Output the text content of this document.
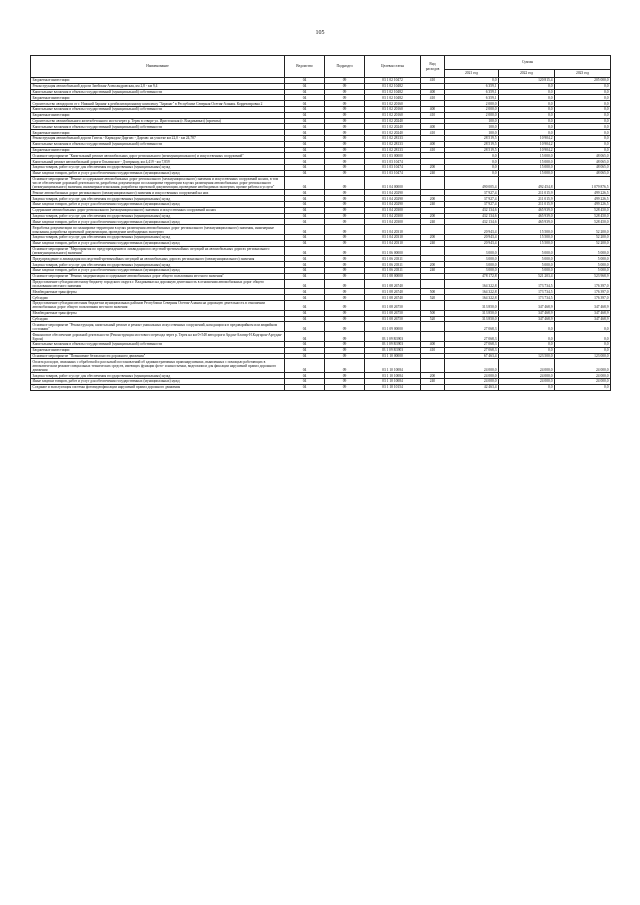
105
Наименование	Ведомство	Подраздел	Целевая статья	Вид расходов	Суммы		
					2021 год	2022 год	2023 год
Бюджетные инвестиции	04	09	03 1 02 10472	410	0,0	120 815,4	205 000,0
Реконструкция автомобильной дороги Змейская-Александровская, км 2,8 - км 9,4	04	09	03 1 02 10482		6 359,1	0,0	0,0
Капитальные вложения в объекты государственной (муниципальной) собственности	04	09	03 1 02 10482	400	6 359,1	0,0	0,0
Бюджетные инвестиции	04	09	03 1 02 10482	410	6 359,1	0,0	0,0
Строительство автодороги от г. Нижний Зарамаг к реабилитационному комплексу "Зарамаг" в Республике Северная Осетия-Алания. Корректировка 2	04	09	03 1 02 20160		2 000,0	0,0	0,0
Капитальные вложения в объекты государственной (муниципальной) собственности	04	09	03 1 02 20160	400	2 000,0	0,0	0,0
Бюджетные инвестиции	04	09	03 1 02 20160	410	2 000,0	0,0	0,0
Строительство автомобильного железобетонного моста через р. Терек в створе ул. Иристонская (г. Владикавказ) (проекты)	04	09	03 1 02 20240		100,0	0,0	0,0
Капитальные вложения в объекты государственной (муниципальной) собственности	04	09	03 1 02 20240	400	100,0	0,0	0,0
Бюджетные инвестиции	04	09	03 1 02 20240	410	100,0	0,0	0,0
Реконструкция автомобильной дороги Гизель - Кармадон-Даргавс - Даргавс на участке км 22,0 - км 24,787	04	09	03 1 02 28133		28 519,5	10 904,2	0,0
Капитальные вложения в объекты государственной (муниципальной) собственности	04	09	03 1 02 28133	400	28 519,5	10 904,2	0,0
Бюджетные инвестиции	04	09	03 1 02 28133	410	28 519,5	10 904,2	0,0
Основное мероприятие "Капитальный ремонт автомобильных дорог регионального (межмуниципального) и искусственных сооружений"	04	09	03 1 03 00000		0,0	15 000,0	48 065,0
Капитальный ремонт автомобильной дороги Ольгинское - Дзитрыкау, км 4,419 - км 7,859	04	09	03 1 03 10474		0,0	15 000,0	48 065,0
Закупка товаров, работ и услуг для обеспечения государственных (муниципальных) нужд	04	09	03 1 03 10474	200	0,0	15 000,0	48 065,0
Иные закупки товаров, работ и услуг для обеспечения государственных (муниципальных) нужд	04	09	03 1 03 10474	240	0,0	15 000,0	48 065,0
Основное мероприятие "Ремонт и содержание автомобильных дорог регионального (межмуниципального) значения и искусственных сооружений на них, в том числе обеспечение дорожной деятельности, разработка документации по планировке территории в целях размещения автомобильных дорог регионального (межмуниципального) значения, инженерные изыскания, разработка проектной документации, проведение необходимых экспертиз, прочие работы и услуги"	04	09	03 1 04 00000		490 005,4	492 454,8	1 079 876,5
Ремонт автомобильных дорог регионального (межмуниципального) значения и искусственных сооружений на них	04	09	03 1 04 20290		37 927,4	211 015,9	499 226,5
Закупка товаров, работ и услуг для обеспечения государственных (муниципальных) нужд	04	09	03 1 04 20290	200	37 927,4	211 015,9	499 226,5
Иные закупки товаров, работ и услуг для обеспечения государственных (муниципальных) нужд	04	09	03 1 04 20290	240	37 927,4	211 015,9	499 226,5
Содержание автомобильных дорог регионального (межмуниципального) значения и искусственных сооружений на них	04	09	03 1 04 20300		432 134,6	465 939,0	528 450,0
Закупка товаров, работ и услуг для обеспечения государственных (муниципальных) нужд	04	09	03 1 04 20300	200	432 134,6	465 939,0	528 450,0
Иные закупки товаров, работ и услуг для обеспечения государственных (муниципальных) нужд	04	09	03 1 04 20300	240	432 134,6	465 939,0	528 450,0
Разработка документации по планировке территории в целях размещения автомобильных дорог регионального (межмуниципального) значения, инженерные изыскания, разработка проектной документации, проведение необходимых экспертиз	04	09	03 1 04 20310		20 943,4	15 500,0	52 200,0
Закупка товаров, работ и услуг для обеспечения государственных (муниципальных) нужд	04	09	03 1 04 20310	200	20 943,4	15 500,0	52 200,0
Иные закупки товаров, работ и услуг для обеспечения государственных (муниципальных) нужд	04	09	03 1 04 20310	240	20 943,4	15 500,0	52 200,0
Основное мероприятие "Мероприятия по предупреждению и ликвидации последствий чрезвычайных ситуаций на автомобильных дорогах регионального (межмуниципального) значения"	04	09	03 1 06 00000		3 000,0	5 000,0	5 000,0
Предупреждение и ликвидация последствий чрезвычайных ситуаций на автомобильных дорогах регионального (межмуниципального) значения	04	09	03 1 06 20311		3 000,0	5 000,0	5 000,0
Закупка товаров, работ и услуг для обеспечения государственных (муниципальных) нужд	04	09	03 1 06 20311	200	3 000,0	5 000,0	5 000,0
Иные закупки товаров, работ и услуг для обеспечения государственных (муниципальных) нужд	04	09	03 1 06 20311	240	3 000,0	5 000,0	5 000,0
Основное мероприятие "Ремонт, модернизация и содержание автомобильных дорог общего пользования местного значения"	04	09	03 1 08 00000		478 172,8	521 203,4	523 968,9
Предоставление субсидии местному бюджету городского округа г. Владикавказ на дорожную деятельность в отношении автомобильных дорог общего пользования местного значения	04	09	03 1 08 26740		164 322,8	173 734,5	176 397,0
Межбюджетные трансферты	04	09	03 1 08 26740	500	164 322,8	173 734,5	176 397,0
Субсидии	04	09	03 1 08 26740	520	164 322,8	173 734,5	176 397,0
Предоставление субсидии местным бюджетам муниципальных районов Республики Северная Осетия-Алания на дорожную деятельность в отношении автомобильных дорог общего пользования местного значения	04	09	03 1 08 26750		313 850,0	347 468,9	347 468,9
Межбюджетные трансферты	04	09	03 1 08 26750	500	313 850,0	347 468,9	347 468,9
Субсидии	04	09	03 1 08 26750	520	313 850,0	347 468,9	347 468,9
Основное мероприятие "Реконструкция, капитальный ремонт и ремонт уникальных искусственных сооружений, находящихся в предаварийном или аварийном состоянии"	04	09	03 1 09 00000		27 068,3	0,0	0,0
Финансовое обеспечение дорожной деятельности (Реконструкция мостового перехода через р. Терек на км 0+548 автодороги Ардон-Алагир-Н.Кадгарон-Аргудан-Бурон)	04	09	03 1 09 R3903		27 068,3	0,0	0,0
Капитальные вложения в объекты государственной (муниципальной) собственности	04	09	03 1 09 R3903	400	27 068,3	0,0	0,0
Бюджетные инвестиции	04	09	03 1 09 R3903	410	27 068,3	0,0	0,0
Основное мероприятие "Повышение безопасности дорожного движения"	04	09	03 1 10 00000		67 463,4	123 500,0	123 000,0
Оплата расходов, связанных с обработкой и рассылкой постановлений об административных правонарушениях, выявленных с помощью работающих в автоматическом режиме специальных технических средств, имеющих функции фото- и киносъемки, видеозаписи для фиксации нарушений правил дорожного движения	04	09	03 1 10 10084		24 000,0	24 000,0	24 000,0
Закупка товаров, работ и услуг для обеспечения государственных (муниципальных) нужд	04	09	03 1 10 10084	200	24 000,0	24 000,0	24 000,0
Иные закупки товаров, работ и услуг для обеспечения государственных (муниципальных) нужд	04	09	03 1 10 10084	240	24 000,0	24 000,0	24 000,0
Создание и эксплуатация системы фотовидеофиксации нарушений правил дорожного движения	04	09	03 1 10 10154		42 463,4	0,0	0,0
